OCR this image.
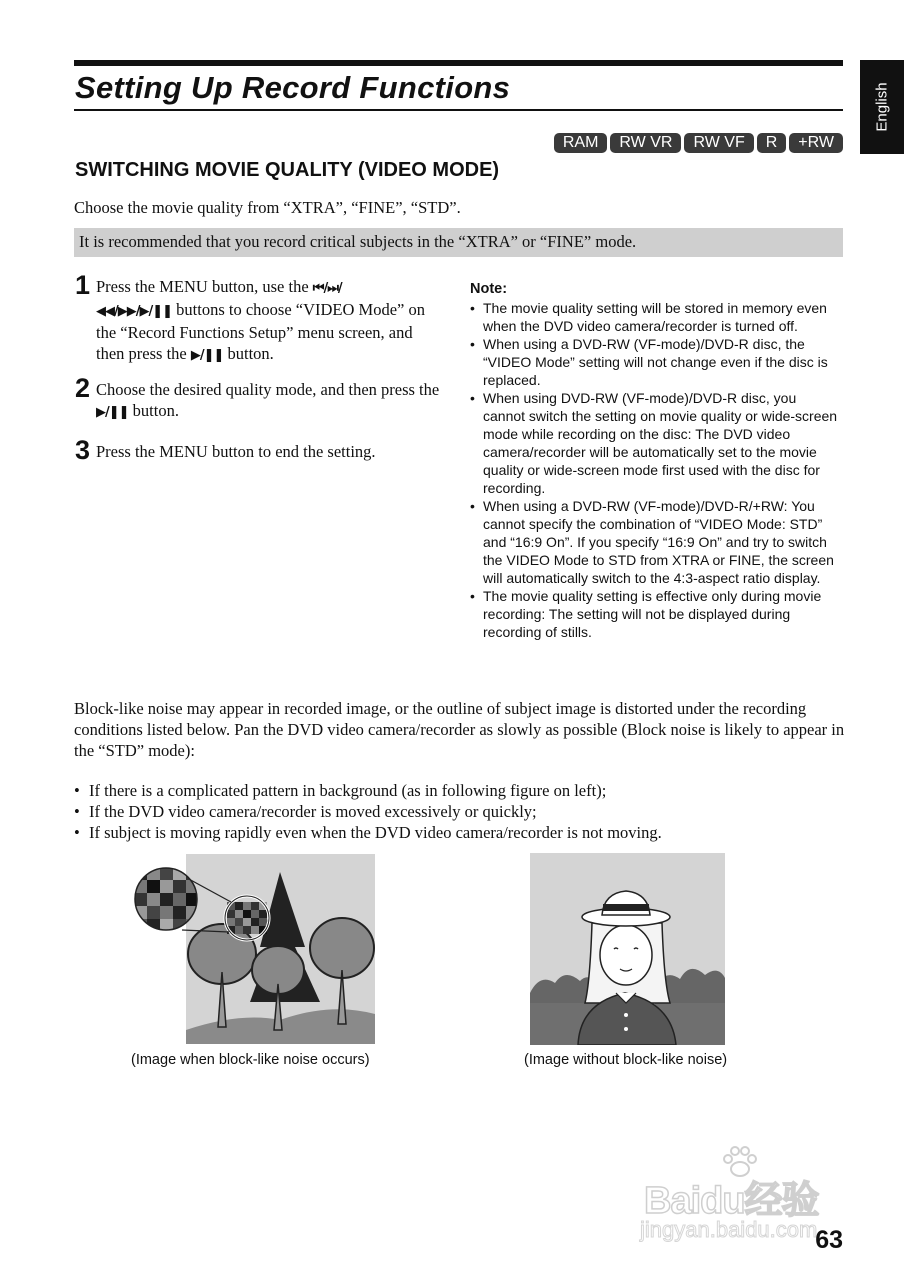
Setting Up Record Functions	English
RAM	RW VR	RW VF	R	+RW
SWITCHING MOVIE QUALITY (VIDEO MODE)
Choose the movie quality from “XTRA”, “FINE”, “STD”.
It is recommended that you record critical subjects in the “XTRA” or “FINE” mode.
1 Press the MENU button, use the ⏮/⏭/
◀◀/▶▶/▶/❚❚ buttons to choose “VIDEO Mode” on the “Record Functions Setup” menu screen, and then press the ▶/❚❚ button.
2 Choose the desired quality mode, and then press the ▶/❚❚ button.
3 Press the MENU button to end the setting.
Note:
• The movie quality setting will be stored in memory even when the DVD video camera/recorder is turned off.
• When using a DVD-RW (VF-mode)/DVD-R disc, the “VIDEO Mode” setting will not change even if the disc is replaced.
• When using DVD-RW (VF-mode)/DVD-R disc, you cannot switch the setting on movie quality or wide-screen mode while recording on the disc: The DVD video camera/recorder will be automatically set to the movie quality or wide-screen mode first used with the disc for recording.
• When using a DVD-RW (VF-mode)/DVD-R/+RW: You cannot specify the combination of “VIDEO Mode: STD” and “16:9 On”. If you specify “16:9 On” and try to switch the VIDEO Mode to STD from XTRA or FINE, the screen will automatically switch to the 4:3-aspect ratio display.
• The movie quality setting is effective only during movie recording: The setting will not be displayed during recording of stills.
Block-like noise may appear in recorded image, or the outline of subject image is distorted under the recording conditions listed below. Pan the DVD video camera/recorder as slowly as possible (Block noise is likely to appear in the “STD” mode):
• If there is a complicated pattern in background (as in following figure on left);
• If the DVD video camera/recorder is moved excessively or quickly;
• If subject is moving rapidly even when the DVD video camera/recorder is not moving.
(Image when block-like noise occurs)	(Image without block-like noise)
Baidu经验
jingyan.baidu.com
63
